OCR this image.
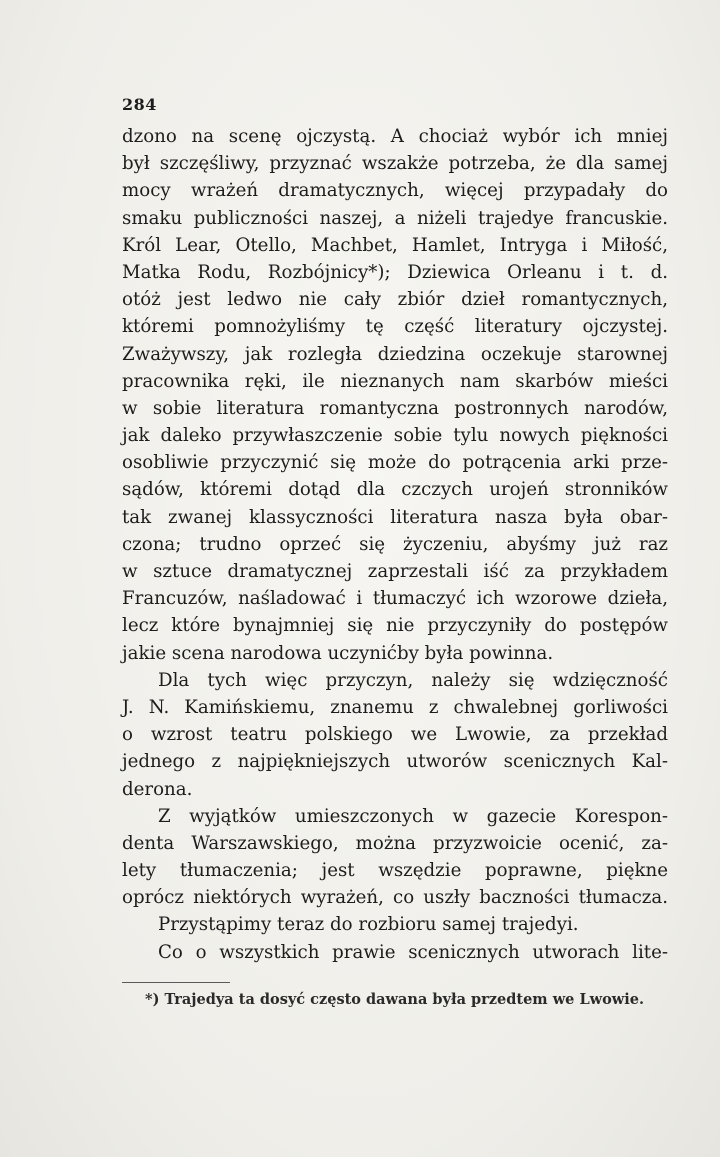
284
dzono na scenę ojczystą. A chociaż wybór ich mniej
był szczęśliwy, przyznać wszakże potrzeba, że dla samej
mocy wrażeń dramatycznych, więcej przypadały do
smaku publiczności naszej, a niżeli trajedye francuskie.
Król Lear, Otello, Machbet, Hamlet, Intryga i Miłość,
Matka Rodu, Rozbójnicy*); Dziewica Orleanu i t. d.
otóż jest ledwo nie cały zbiór dzieł romantycznych,
któremi pomnożyliśmy tę część literatury ojczystej.
Zważywszy, jak rozległa dziedzina oczekuje starownej
pracownika ręki, ile nieznanych nam skarbów mieści
w sobie literatura romantyczna postronnych narodów,
jak daleko przywłaszczenie sobie tylu nowych piękności
osobliwie przyczynić się może do potrącenia arki prze-
sądów, któremi dotąd dla czczych urojeń stronników
tak zwanej klassyczności literatura nasza była obar-
czona; trudno oprzeć się życzeniu, abyśmy już raz
w sztuce dramatycznej zaprzestali iść za przykładem
Francuzów, naśladować i tłumaczyć ich wzorowe dzieła,
lecz które bynajmniej się nie przyczyniły do postępów
jakie scena narodowa uczynićby była powinna.
Dla tych więc przyczyn, należy się wdzięczność
J. N. Kamińskiemu, znanemu z chwalebnej gorliwości
o wzrost teatru polskiego we Lwowie, za przekład
jednego z najpiękniejszych utworów scenicznych Kal-
derona.
Z wyjątków umieszczonych w gazecie Korespon-
denta Warszawskiego, można przyzwoicie ocenić, za-
lety tłumaczenia; jest wszędzie poprawne, piękne
oprócz niektórych wyrażeń, co uszły baczności tłumacza.
Przystąpimy teraz do rozbioru samej trajedyi.
Co o wszystkich prawie scenicznych utworach lite-
*) Trajedya ta dosyć często dawana była przedtem we Lwowie.
